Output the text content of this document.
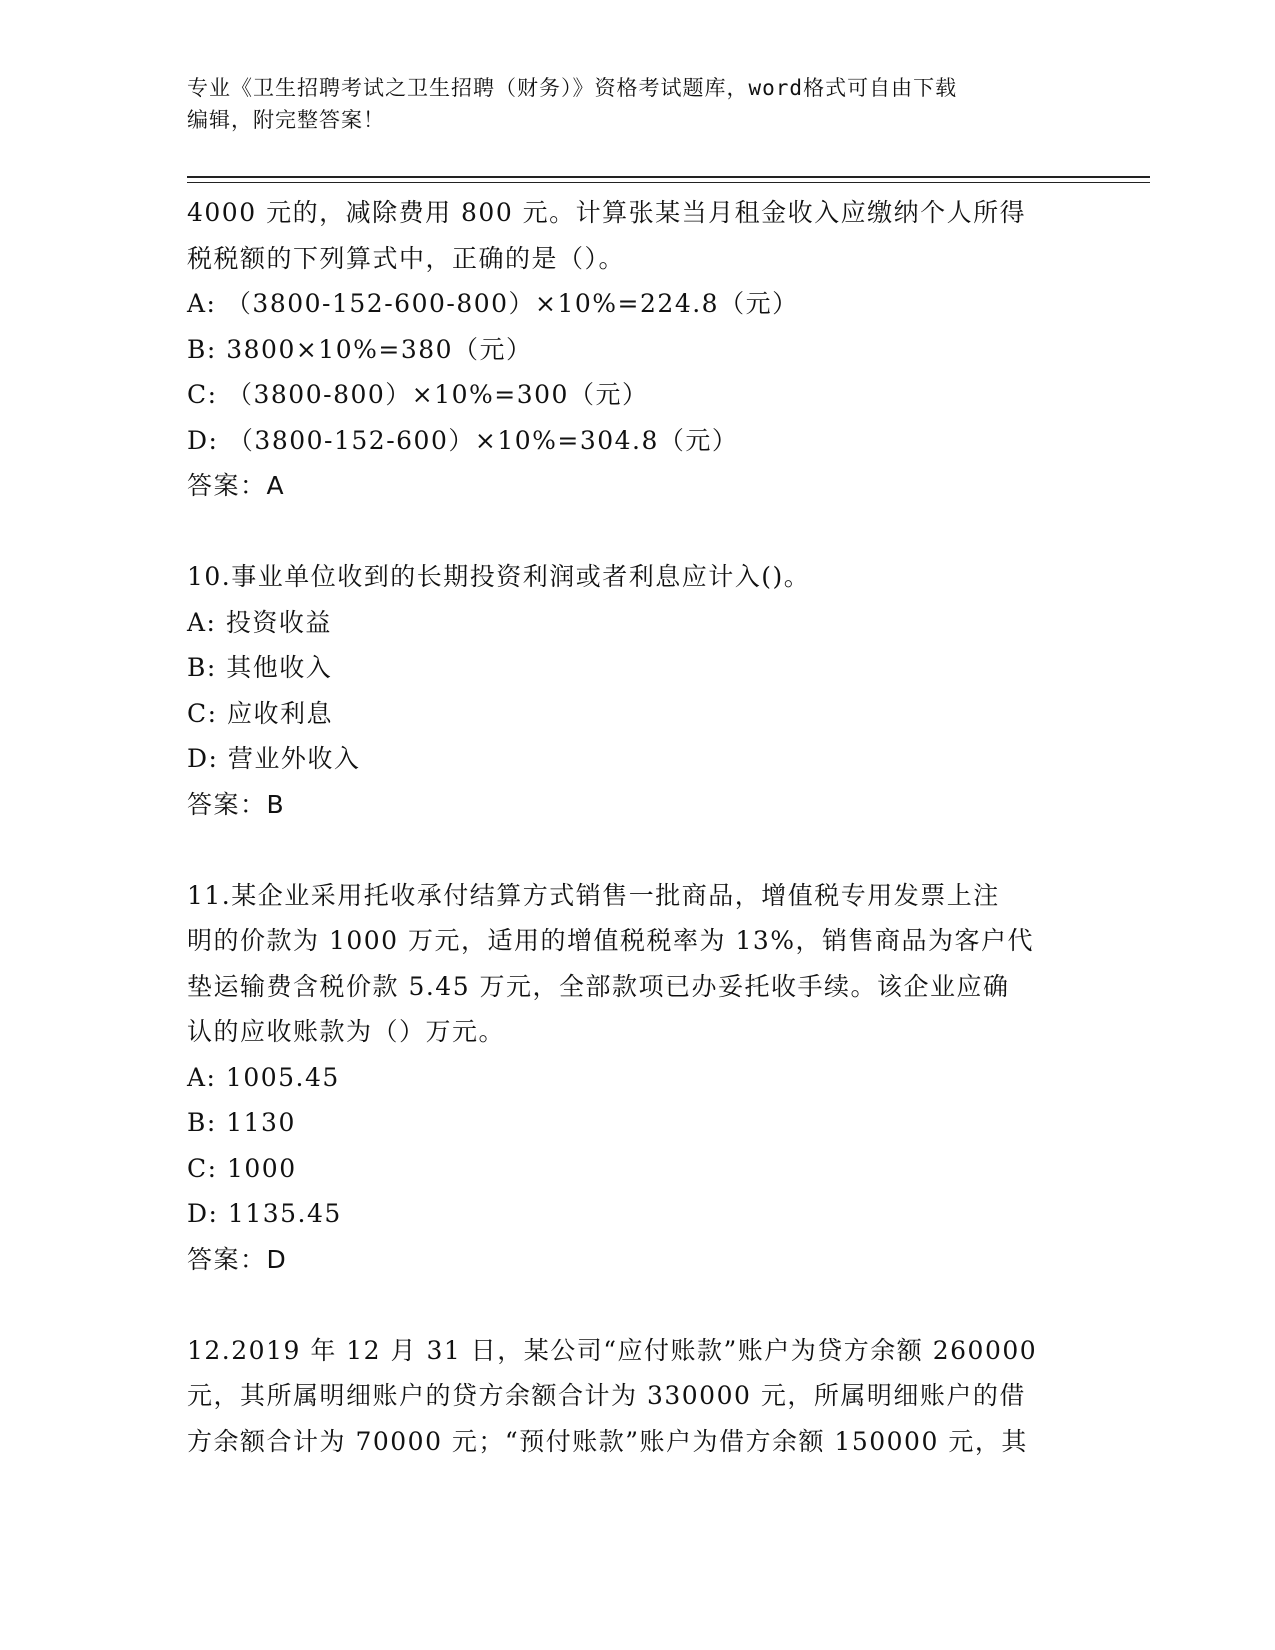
专业《卫生招聘考试之卫生招聘（财务）》资格考试题库，word格式可自由下载
编辑，附完整答案！
4000 元的，减除费用 800 元。计算张某当月租金收入应缴纳个人所得
税税额的下列算式中，正确的是（）。
A: （3800-152-600-800）×10%=224.8（元）
B: 3800×10%=380（元）
C: （3800-800）×10%=300（元）
D: （3800-152-600）×10%=304.8（元）
答案：A
10.事业单位收到的长期投资利润或者利息应计入()。
A: 投资收益
B: 其他收入
C: 应收利息
D: 营业外收入
答案：B
11.某企业采用托收承付结算方式销售一批商品，增值税专用发票上注
明的价款为 1000 万元，适用的增值税税率为 13%，销售商品为客户代
垫运输费含税价款 5.45 万元，全部款项已办妥托收手续。该企业应确
认的应收账款为（）万元。
A: 1005.45
B: 1130
C: 1000
D: 1135.45
答案：D
12.2019 年 12 月 31 日，某公司“应付账款”账户为贷方余额 260000
元，其所属明细账户的贷方余额合计为 330000 元，所属明细账户的借
方余额合计为 70000 元；“预付账款”账户为借方余额 150000 元，其
